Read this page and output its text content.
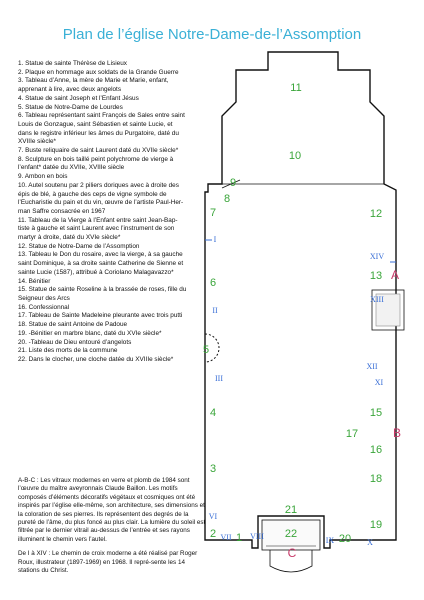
Plan de l’église Notre-Dame-de-l’Assomption
1. Statue de sainte Thérèse de Lisieux
2. Plaque en hommage aux soldats de la Grande Guerre
3. Tableau d’Anne, la mère de Marie et Marie, enfant,
apprenant à lire, avec deux angelots
4. Statue de saint Joseph et l’Enfant Jésus
5. Statue de Notre-Dame de Lourdes
6. Tableau représentant saint François de Sales entre saint
Louis de Gonzague, saint Sébastien et sainte Lucie, et
dans le registre inférieur les âmes du Purgatoire, daté du
XVIIIe siècle*
7. Buste reliquaire de saint Laurent daté du XVIIe siècle*
8. Sculpture en bois taillé peint polychrome de vierge à
l’enfant* datée du XVIIe, XVIIIe siècle
9. Ambon en bois
10. Autel soutenu par 2 piliers doriques avec à droite des
épis de blé, à gauche des ceps de vigne symbole de
l’Eucharistie du pain et du vin, œuvre de l’artiste Paul-Her-
man Saffre consacrée en 1967
11. Tableau de la Vierge à l’Enfant entre saint Jean-Bap-
tiste à gauche et saint Laurent avec l’instrument de son
martyr à droite, daté du XVIe siècle*
12. Statue de Notre-Dame de l’Assomption
13. Tableau le Don du rosaire, avec la vierge, à sa gauche
saint Dominique, à sa droite sainte Catherine de Sienne et
sainte Lucie (1587), attribué à Coriolano Malagavazzo*
14. Bénitier
15. Statue de sainte Roseline à la brassée de roses, fille du
Seigneur des Arcs
16. Confessionnal
17. Tableau de Sainte Madeleine pleurante avec trois putti
18. Statue de saint Antoine de Padoue
19. -Bénitier en marbre blanc, daté du XVIe siècle*
20. -Tableau de Dieu entouré d’angelots
21. Liste des morts de la commune
22. Dans le clocher, une cloche datée du XVIIIe siècle*

A-B-C : Les vitraux modernes en verre et plomb de 1984 sont l’œuvre du maître aveyronnais Claude Baillon. Les motifs composés d’éléments décoratifs végétaux et cosmiques ont été inspirés par l’église elle-même, son architecture, ses dimensions et la coloration de ses pierres. Ils représentent des degrés de la pureté de l’âme, du plus foncé au plus clair. La lumière du soleil est filtrée par le dernier vitrail au-dessus de l’entrée et ses rayons illuminent le chemin vers l’autel.

De I à XIV : Le chemin de croix moderne a été réalisé par Roger Roux, illustrateur (1897-1969) en 1968. Il repré-sente les 14 stations du Christ.

11
10
9
8
7	12
13
6
5
4	15
17
16
3
18
2 1
21
20
19
22
I
II
III
XIV
XIII
XII
XI
VI
VII VIII	IX	X
A
B
C
